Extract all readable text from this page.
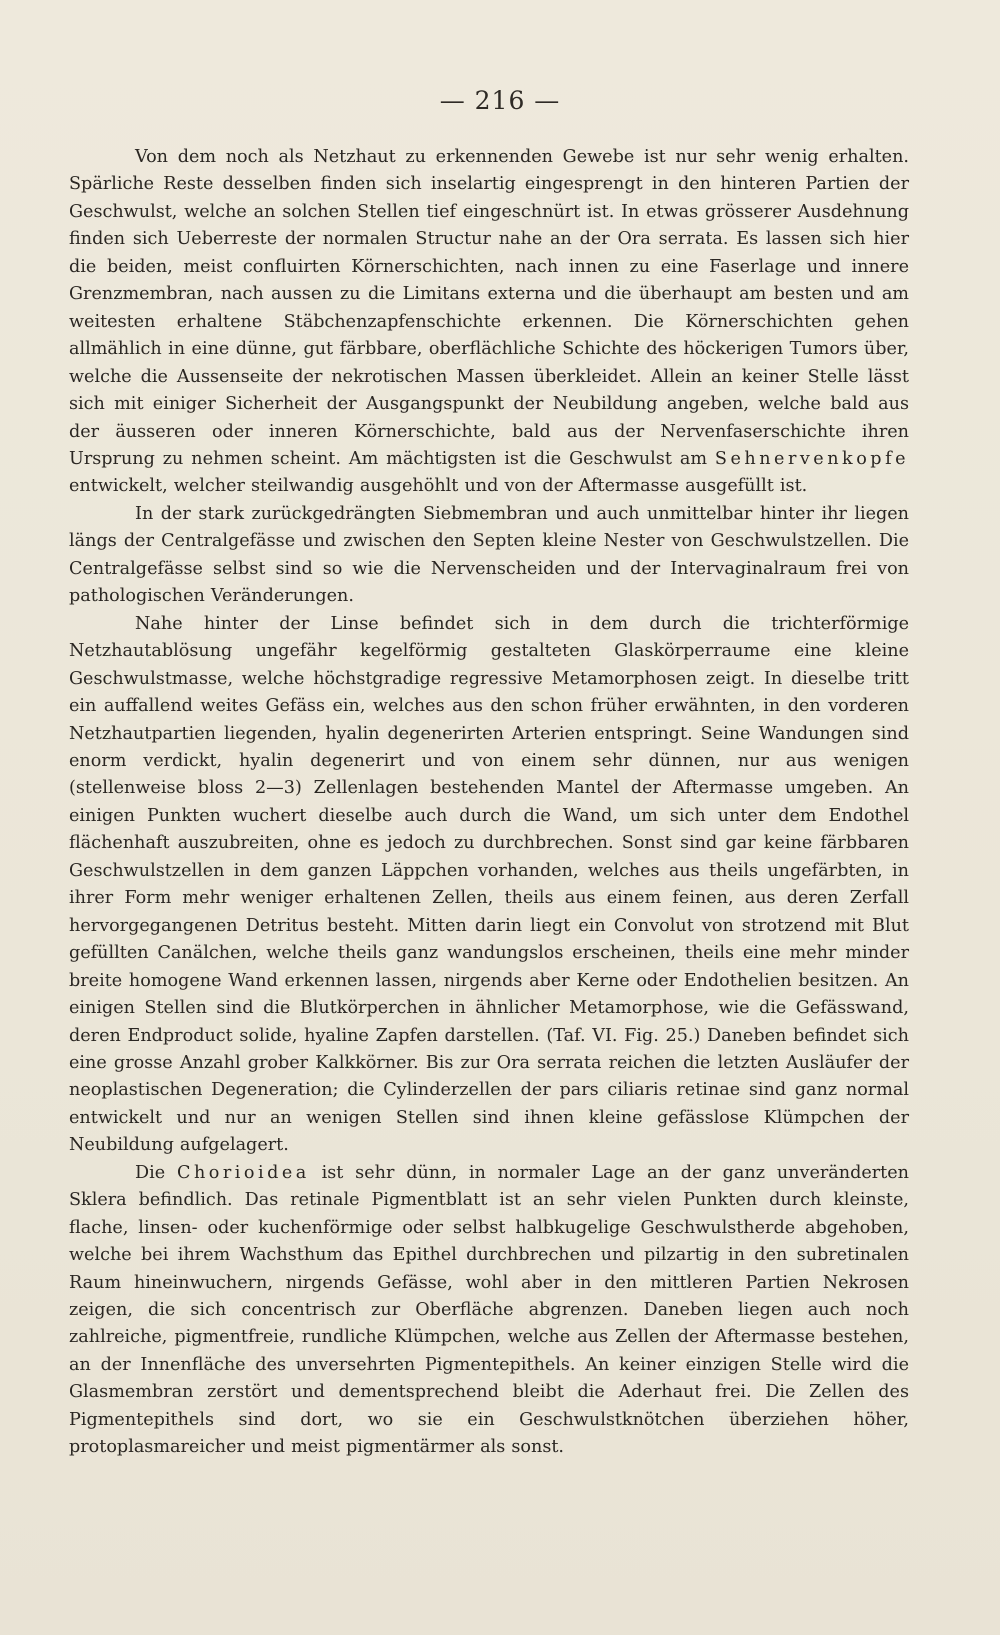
— 216 —

Von dem noch als Netzhaut zu erkennenden Gewebe ist nur sehr wenig erhalten. Spärliche Reste desselben finden sich inselartig eingesprengt in den hinteren Partien der Geschwulst, welche an solchen Stellen tief eingeschnürt ist. In etwas grösserer Ausdehnung finden sich Ueberreste der normalen Structur nahe an der Ora serrata. Es lassen sich hier die beiden, meist confluirten Körnerschichten, nach innen zu eine Faserlage und innere Grenzmembran, nach aussen zu die Limitans externa und die überhaupt am besten und am weitesten erhaltene Stäbchenzapfenschichte erkennen. Die Körnerschichten gehen allmählich in eine dünne, gut färbbare, oberflächliche Schichte des höckerigen Tumors über, welche die Aussenseite der nekrotischen Massen überkleidet. Allein an keiner Stelle lässt sich mit einiger Sicherheit der Ausgangspunkt der Neubildung angeben, welche bald aus der äusseren oder inneren Körnerschichte, bald aus der Nervenfaserschichte ihren Ursprung zu nehmen scheint. Am mächtigsten ist die Geschwulst am Sehnervenkopfe entwickelt, welcher steilwandig ausgehöhlt und von der Aftermasse ausgefüllt ist.

In der stark zurückgedrängten Siebmembran und auch unmittelbar hinter ihr liegen längs der Centralgefässe und zwischen den Septen kleine Nester von Geschwulstzellen. Die Centralgefässe selbst sind so wie die Nervenscheiden und der Intervaginalraum frei von pathologischen Veränderungen.

Nahe hinter der Linse befindet sich in dem durch die trichterförmige Netzhautablösung ungefähr kegelförmig gestalteten Glaskörperraume eine kleine Geschwulstmasse, welche höchstgradige regressive Metamorphosen zeigt. In dieselbe tritt ein auffallend weites Gefäss ein, welches aus den schon früher erwähnten, in den vorderen Netzhautpartien liegenden, hyalin degenerirten Arterien entspringt. Seine Wandungen sind enorm verdickt, hyalin degenerirt und von einem sehr dünnen, nur aus wenigen (stellenweise bloss 2—3) Zellenlagen bestehenden Mantel der Aftermasse umgeben. An einigen Punkten wuchert dieselbe auch durch die Wand, um sich unter dem Endothel flächenhaft auszubreiten, ohne es jedoch zu durchbrechen. Sonst sind gar keine färbbaren Geschwulstzellen in dem ganzen Läppchen vorhanden, welches aus theils ungefärbten, in ihrer Form mehr weniger erhaltenen Zellen, theils aus einem feinen, aus deren Zerfall hervorgegangenen Detritus besteht. Mitten darin liegt ein Convolut von strotzend mit Blut gefüllten Canälchen, welche theils ganz wandungslos erscheinen, theils eine mehr minder breite homogene Wand erkennen lassen, nirgends aber Kerne oder Endothelien besitzen. An einigen Stellen sind die Blutkörperchen in ähnlicher Metamorphose, wie die Gefässwand, deren Endproduct solide, hyaline Zapfen darstellen. (Taf. VI. Fig. 25.) Daneben befindet sich eine grosse Anzahl grober Kalkkörner. Bis zur Ora serrata reichen die letzten Ausläufer der neoplastischen Degeneration; die Cylinderzellen der pars ciliaris retinae sind ganz normal entwickelt und nur an wenigen Stellen sind ihnen kleine gefässlose Klümpchen der Neubildung aufgelagert.

Die Chorioidea ist sehr dünn, in normaler Lage an der ganz unveränderten Sklera befindlich. Das retinale Pigmentblatt ist an sehr vielen Punkten durch kleinste, flache, linsen- oder kuchenförmige oder selbst halbkugelige Geschwulstherde abgehoben, welche bei ihrem Wachsthum das Epithel durchbrechen und pilzartig in den subretinalen Raum hineinwuchern, nirgends Gefässe, wohl aber in den mittleren Partien Nekrosen zeigen, die sich concentrisch zur Oberfläche abgrenzen. Daneben liegen auch noch zahlreiche, pigmentfreie, rundliche Klümpchen, welche aus Zellen der Aftermasse bestehen, an der Innenfläche des unversehrten Pigmentepithels. An keiner einzigen Stelle wird die Glasmembran zerstört und dementsprechend bleibt die Aderhaut frei. Die Zellen des Pigmentepithels sind dort, wo sie ein Geschwulstknötchen überziehen höher, protoplasmareicher und meist pigmentärmer als sonst.
